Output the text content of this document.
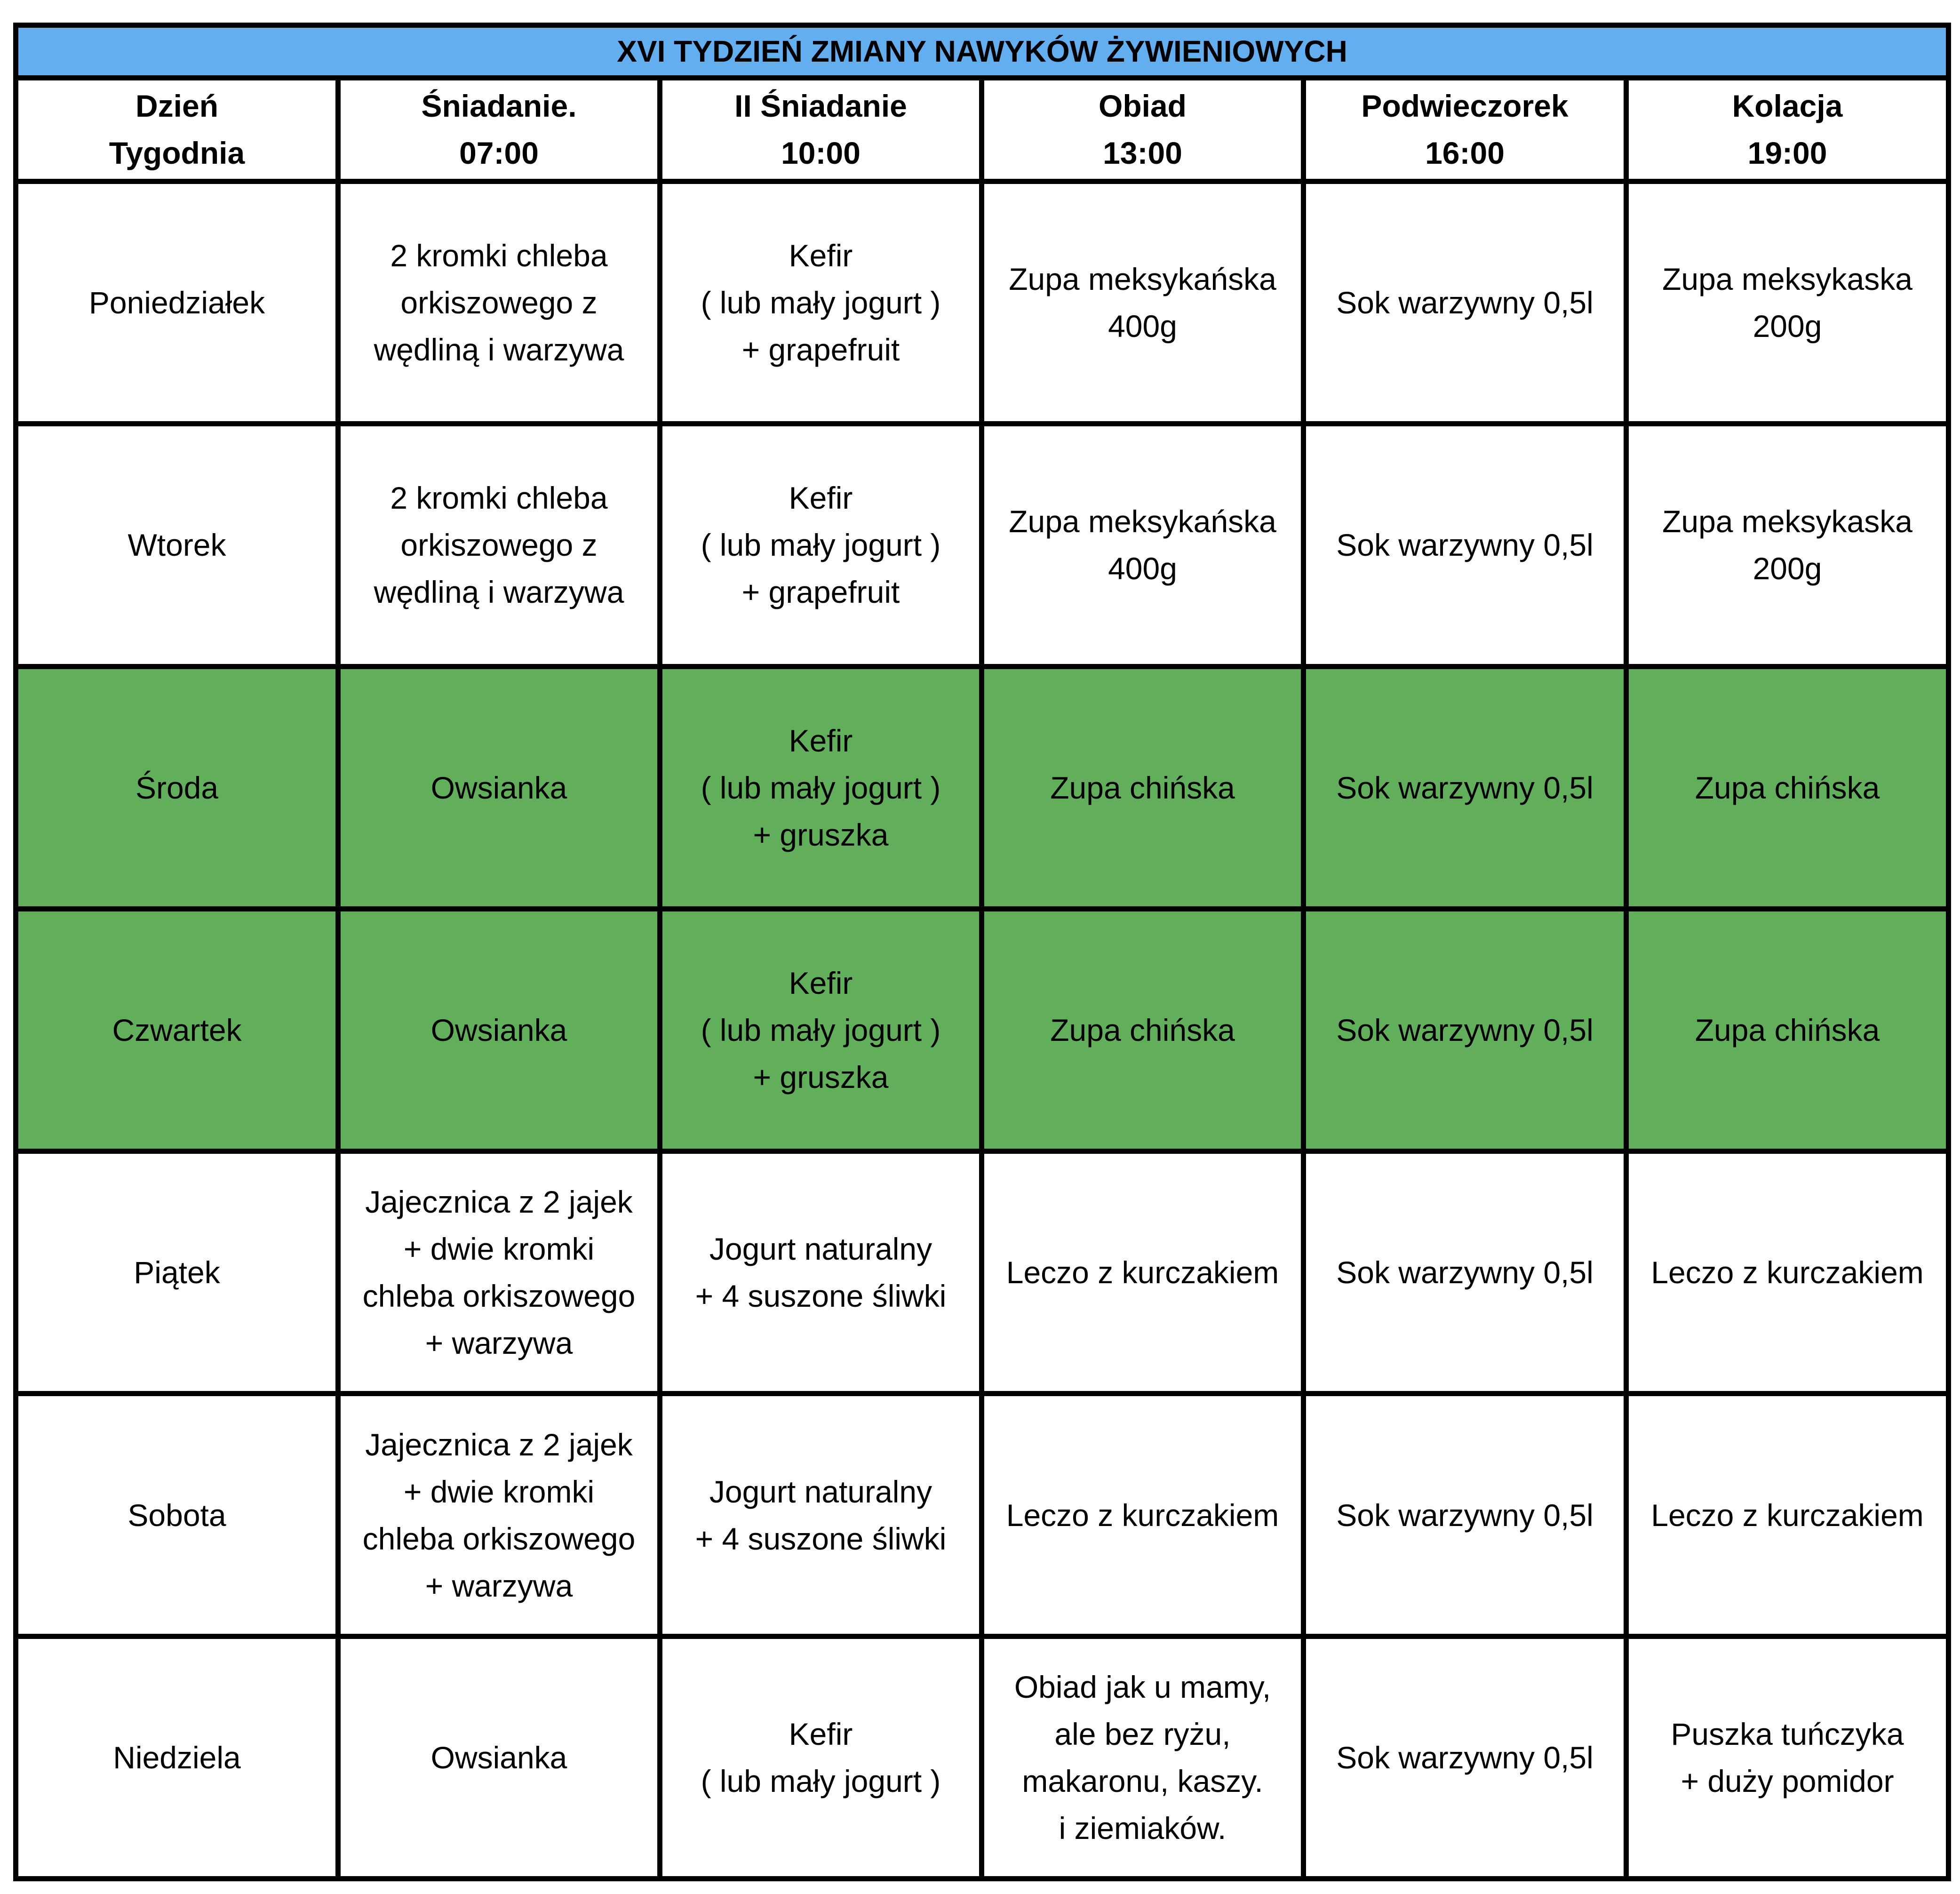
XVI TYDZIEŃ ZMIANY NAWYKÓW ŻYWIENIOWYCH					

Dzień
Tygodnia	Śniadanie.
07:00	II Śniadanie
10:00	Obiad
13:00	Podwieczorek
16:00	Kolacja
19:00

Poniedziałek	2 kromki chleba
orkiszowego z
wędliną i warzywa	Kefir
( lub mały jogurt )
+ grapefruit	Zupa meksykańska
400g	Sok warzywny 0,5l	Zupa meksykaska
200g

Wtorek	2 kromki chleba
orkiszowego z
wędliną i warzywa	Kefir
( lub mały jogurt )
+ grapefruit	Zupa meksykańska
400g	Sok warzywny 0,5l	Zupa meksykaska
200g

Środa	Owsianka	Kefir
( lub mały jogurt )
+ gruszka	Zupa chińska	Sok warzywny 0,5l	Zupa chińska

Czwartek	Owsianka	Kefir
( lub mały jogurt )
+ gruszka	Zupa chińska	Sok warzywny 0,5l	Zupa chińska

Piątek	Jajecznica z 2 jajek
+ dwie kromki
chleba orkiszowego
+ warzywa	Jogurt naturalny
+ 4 suszone śliwki	Leczo z kurczakiem	Sok warzywny 0,5l	Leczo z kurczakiem

Sobota	Jajecznica z 2 jajek
+ dwie kromki
chleba orkiszowego
+ warzywa	Jogurt naturalny
+ 4 suszone śliwki	Leczo z kurczakiem	Sok warzywny 0,5l	Leczo z kurczakiem

Niedziela	Owsianka	Kefir
( lub mały jogurt )	Obiad jak u mamy,
ale bez ryżu,
makaronu, kaszy.
i ziemiaków.	Sok warzywny 0,5l	Puszka tuńczyka
+ duży pomidor
